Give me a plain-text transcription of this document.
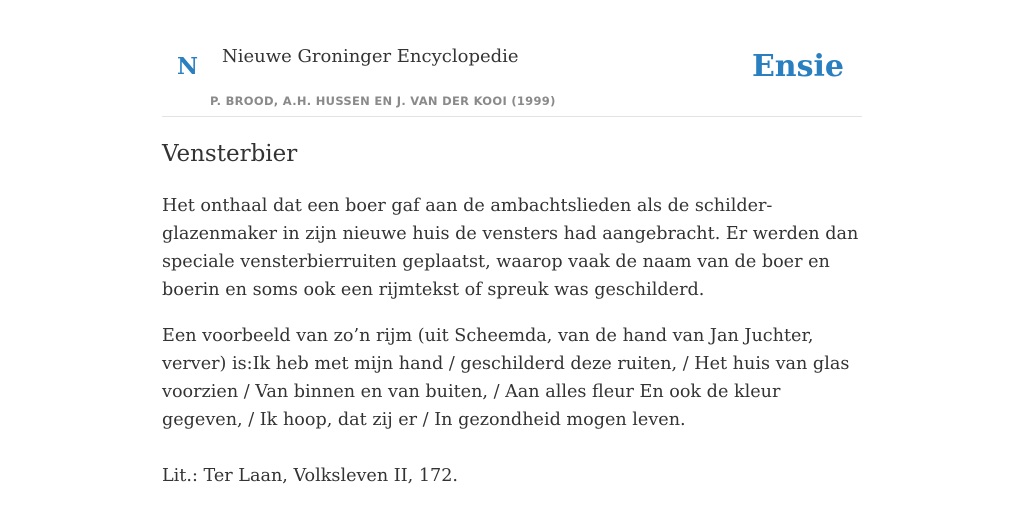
N Nieuwe Groninger Encyclopedie
P. BROOD, A.H. HUSSEN EN J. VAN DER KOOI (1999)
Ensie
Vensterbier

Het onthaal dat een boer gaf aan de ambachtslieden als de schilder-glazenmaker in zijn nieuwe huis de vensters had aangebracht. Er werden dan speciale vensterbierruiten geplaatst, waarop vaak de naam van de boer en boerin en soms ook een rijmtekst of spreuk was geschilderd.

Een voorbeeld van zo’n rijm (uit Scheemda, van de hand van Jan Juchter, verver) is:Ik heb met mijn hand / geschilderd deze ruiten, / Het huis van glas voorzien / Van binnen en van buiten, / Aan alles fleur En ook de kleur gegeven, / Ik hoop, dat zij er / In gezondheid mogen leven.

Lit.: Ter Laan, Volksleven II, 172.
